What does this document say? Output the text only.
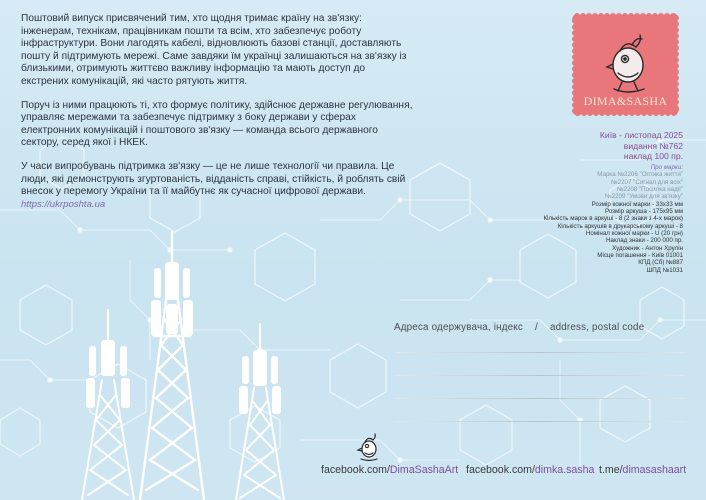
Поштовий випуск присвячений тим, хто щодня тримає країну на зв'язку: інженерам, технікам, працівникам пошти та всім, хто забезпечує роботу інфраструктури. Вони лагодять кабелі, відновлюють базові станції, доставляють пошту й підтримують мережі. Саме завдяки їм українці залишаються на зв'язку із близькими, отримують життєво важливу інформацію та мають доступ до екстрених комунікацій, які часто рятують життя.

Поруч із ними працюють ті, хто формує політику, здійснює державне регулювання, управляє мережами та забезпечує підтримку з боку держави у сферах електронних комунікацій і поштового зв'язку — команда всього державного сектору, серед якої і НКЕК.

У часи випробувань підтримка зв'язку — це не лише технології чи правила. Це люди, які демонструють згуртованість, відданість справі, стійкість, й роблять свій внесок у перемогу України та її майбутнє як сучасної цифрової держави.
https://ukrposhta.ua

DIMA&SASHA
Київ - листопад 2025
видання №762
наклад 100 пр.
Про марки:
Марка №2206 "Оптика життя"
№2207 "Сигнал для всіх"
№2208 "Посилка надії"
№2209 "Умови для зв'язку"
Розмір кожної марки - 33x33 мм
Розмір аркуша - 175x95 мм
Кількість марок в аркуші - 8 (2 знаки з 4-х марок)
Кількість аркушів в друкарському аркуші - 8
Номінал кожної марки - U (20 грн)
Наклад знаки - 200 000 пр.
Художник - Антон Хрулін
Місце погашення - Київ 01001
КПД (Сб) №887
ШПД №1031
Адреса одержувача, індекс / address, postal code
facebook.com/DimaSashaArt facebook.com/dimka.sasha t.me/dimasashaart
